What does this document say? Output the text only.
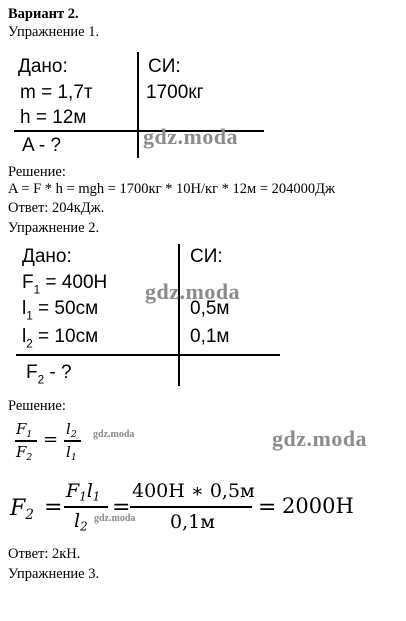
Вариант 2.
Упражнение 1.
Дано:
m = 1,7т
h = 12м
A - ?
СИ:
1700кг
gdz.moda
Решение:
A = F * h = mgh = 1700кг * 10Н/кг * 12м = 204000Дж
Ответ: 204кДж.
Упражнение 2.
Дано:
$F_1 = 400Н$
$l_1 = 50см$
$l_2 = 10см$
$F_2$ - ?
СИ:
0,5м
0,1м
gdz.moda
Решение:
$F_1$
$F_2$
= $l_2$
$l_1$
gdz.moda	gdz.moda
$F_2$ =
$F_1l_1$
$l_2$
gdz.moda
=
400Н ∗ 0,5м
0,1м
= 2000Н
Ответ: 2кН.
Упражнение 3.
